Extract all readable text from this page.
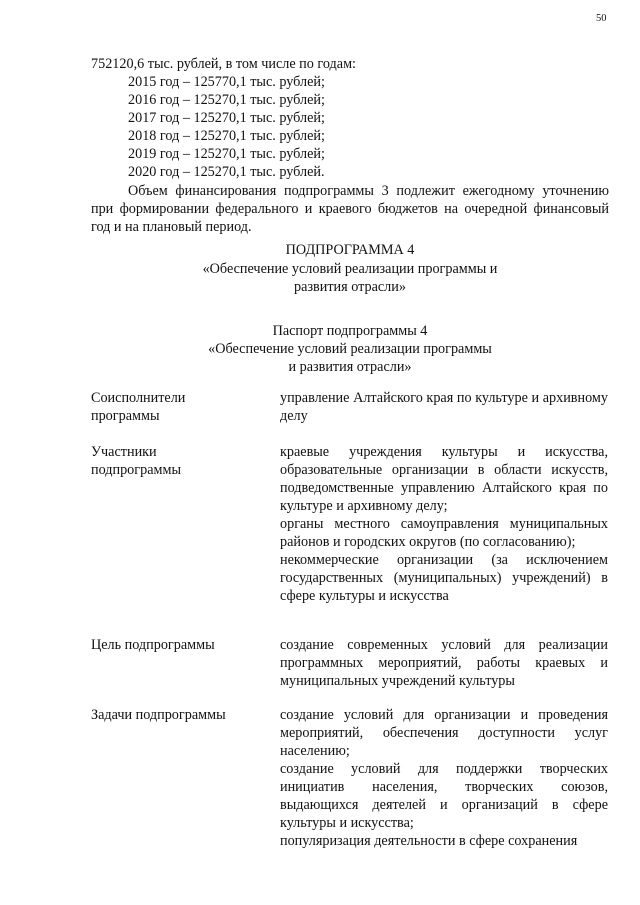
50
752120,6 тыс. рублей, в том числе по годам:
2015 год – 125770,1 тыс. рублей;
2016 год – 125270,1 тыс. рублей;
2017 год – 125270,1 тыс. рублей;
2018 год – 125270,1 тыс. рублей;
2019 год – 125270,1 тыс. рублей;
2020 год – 125270,1 тыс. рублей.

Объем финансирования подпрограммы 3 подлежит ежегодному уточнению при формировании федерального и краевого бюджетов на очередной финансовый год и на плановый период.

ПОДПРОГРАММА 4
«Обеспечение условий реализации программы и
развития отрасли»
Паспорт подпрограммы 4
«Обеспечение условий реализации программы
и развития отрасли»
Соисполнители
программы

управление Алтайского края по культуре и архивному делу

Участники
подпрограммы

краевые учреждения культуры и искусства, образовательные организации в области искусств, подведомственные управлению Алтайского края по культуре и архивному делу;

органы местного самоуправления муниципальных районов и городских округов (по согласованию);

некоммерческие организации (за исключением государственных (муниципальных) учреждений) в сфере культуры и искусства

Цель подпрограммы	создание современных условий для реализации программных мероприятий, работы краевых и муниципальных учреждений культуры

Задачи подпрограммы	создание условий для организации и проведения мероприятий, обеспечения доступности услуг населению;

создание условий для поддержки творческих инициатив населения, творческих союзов, выдающихся деятелей и организаций в сфере культуры и искусства;

популяризация деятельности в сфере сохранения
